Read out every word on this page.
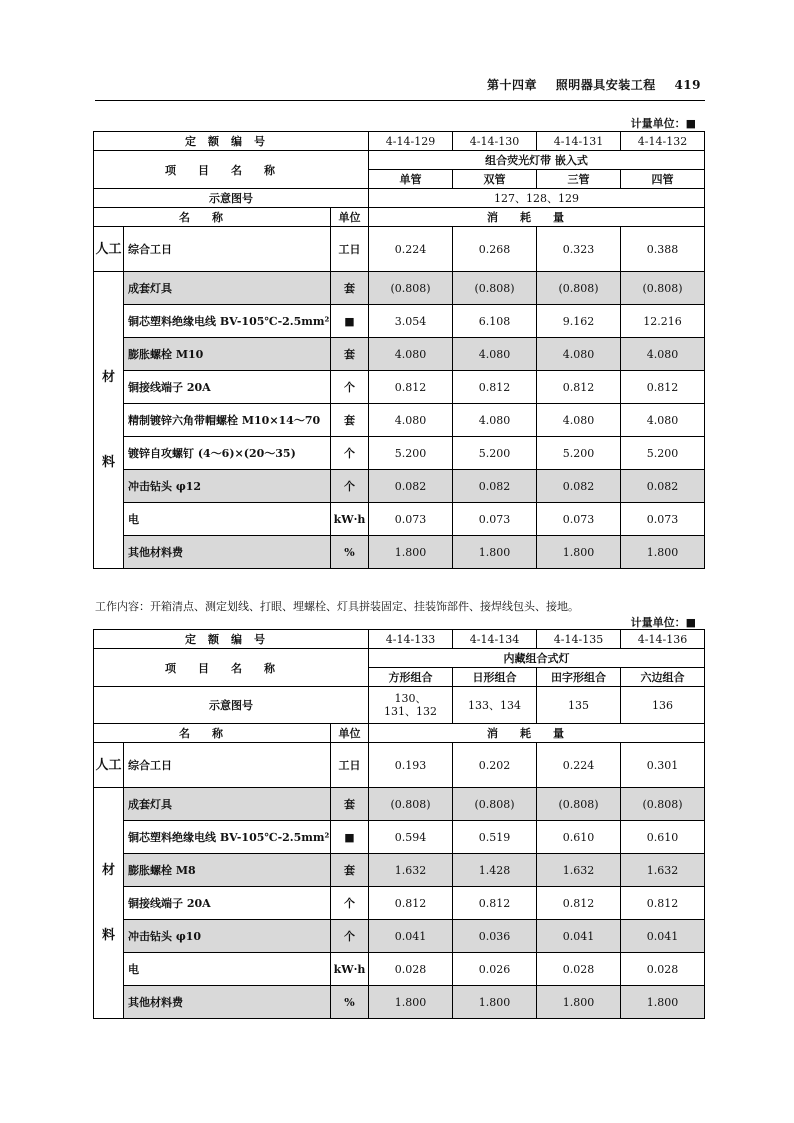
第十四章 照明器具安装工程 419
计量单位：■
定额编号			4-14-129	4-14-130	4-14-131	4-14-132
项目名称			组合荧光灯带 嵌入式			
			单管	双管	三管	四管
示意图号			127、128、129			
名称		单位	消耗量			
人工	综合工日	工日	0.224	0.268	0.323	0.388

材
料	成套灯具	套	(0.808)	(0.808)	(0.808)	(0.808)
	铜芯塑料绝缘电线 BV-105℃-2.5mm²	■	3.054	6.108	9.162	12.216
	膨胀螺栓 M10	套	4.080	4.080	4.080	4.080
	铜接线端子 20A	个	0.812	0.812	0.812	0.812
	精制镀锌六角带帽螺栓 M10×14～70	套	4.080	4.080	4.080	4.080
	镀锌自攻螺钉 (4～6)×(20～35)	个	5.200	5.200	5.200	5.200
	冲击钻头 φ12	个	0.082	0.082	0.082	0.082
	电	kW·h	0.073	0.073	0.073	0.073
	其他材料费	%	1.800	1.800	1.800	1.800
工作内容：开箱清点、测定划线、打眼、埋螺栓、灯具拼装固定、挂装饰部件、接焊线包头、接地。
计量单位：■
定额编号			4-14-133	4-14-134	4-14-135	4-14-136
项目名称			内藏组合式灯			
			方形组合	日形组合	田字形组合	六边组合
示意图号			130、131、132	133、134	135	136
名称		单位	消耗量			
人工	综合工日	工日	0.193	0.202	0.224	0.301

材
料	成套灯具	套	(0.808)	(0.808)	(0.808)	(0.808)
	铜芯塑料绝缘电线 BV-105℃-2.5mm²	■	0.594	0.519	0.610	0.610
	膨胀螺栓 M8	套	1.632	1.428	1.632	1.632
	铜接线端子 20A	个	0.812	0.812	0.812	0.812
	冲击钻头 φ10	个	0.041	0.036	0.041	0.041
	电	kW·h	0.028	0.026	0.028	0.028
	其他材料费	%	1.800	1.800	1.800	1.800
